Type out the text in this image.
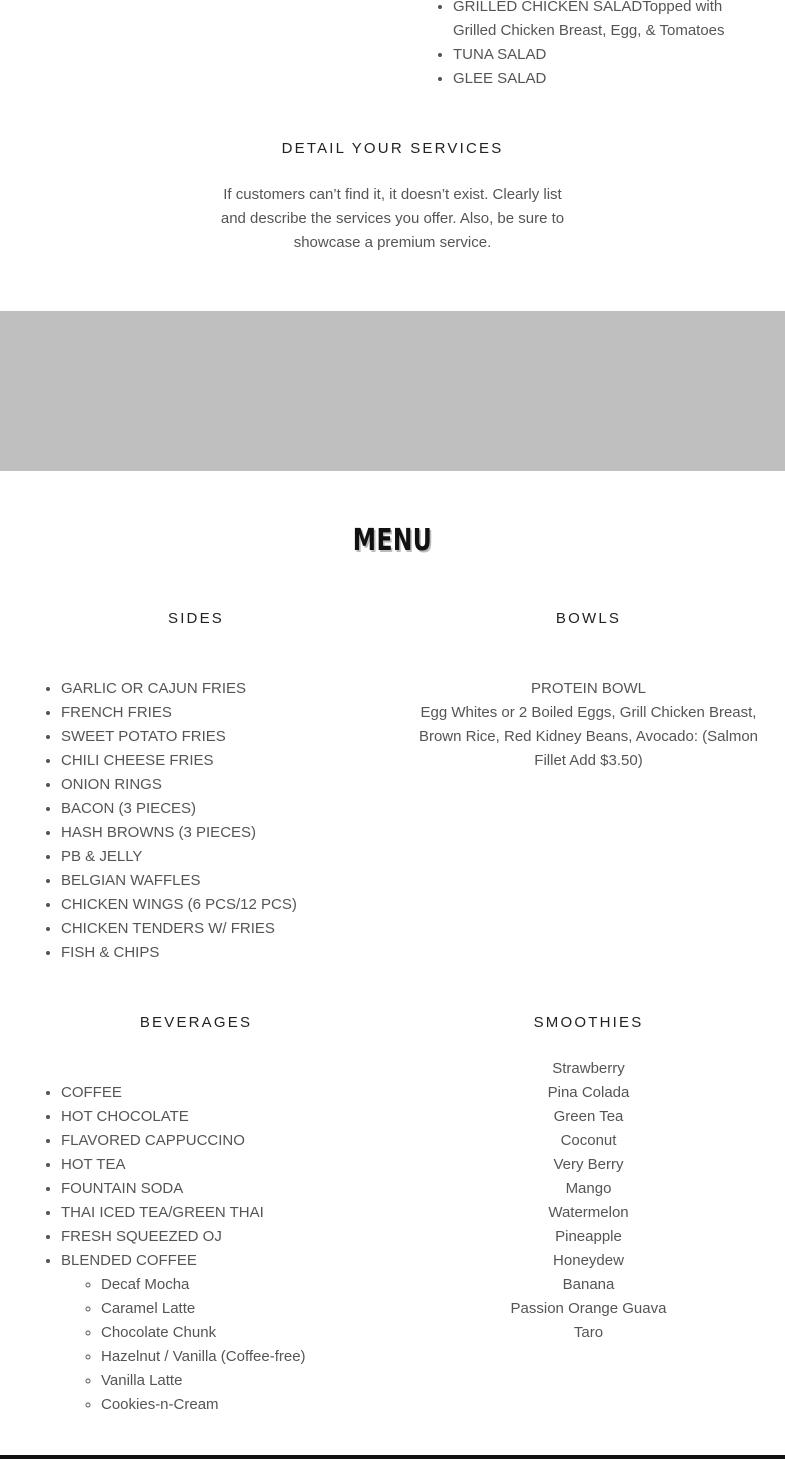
• GRILLED CHICKEN SALADTopped with Grilled Chicken Breast, Egg, & Tomatoes
• TUNA SALAD
• GLEE SALAD
DETAIL YOUR SERVICES

If customers can’t find it, it doesn’t exist. Clearly list and describe the services you offer. Also, be sure to showcase a premium service.

MENU
SIDES	BOWLS
• GARLIC OR CAJUN FRIES
• FRENCH FRIES
• SWEET POTATO FRIES
• CHILI CHEESE FRIES
• ONION RINGS
• BACON (3 PIECES)
• HASH BROWNS (3 PIECES)
• PB & JELLY
• BELGIAN WAFFLES
• CHICKEN WINGS (6 PCS/12 PCS)
• CHICKEN TENDERS W/ FRIES
• FISH & CHIPS
PROTEIN BOWL
Egg Whites or 2 Boiled Eggs, Grill Chicken Breast, Brown Rice, Red Kidney Beans, Avocado: (Salmon Fillet Add $3.50)
BEVERAGES	SMOOTHIES
• COFFEE
• HOT CHOCOLATE
• FLAVORED CAPPUCCINO
• HOT TEA
• FOUNTAIN SODA
• THAI ICED TEA/GREEN THAI
• FRESH SQUEEZED OJ
• BLENDED COFFEE
◦ Decaf Mocha
◦ Caramel Latte
◦ Chocolate Chunk
◦ Hazelnut / Vanilla (Coffee-free)
◦ Vanilla Latte
◦ Cookies-n-Cream
Strawberry
Pina Colada
Green Tea
Coconut
Very Berry
Mango
Watermelon
Pineapple
Honeydew
Banana
Passion Orange Guava
Taro
